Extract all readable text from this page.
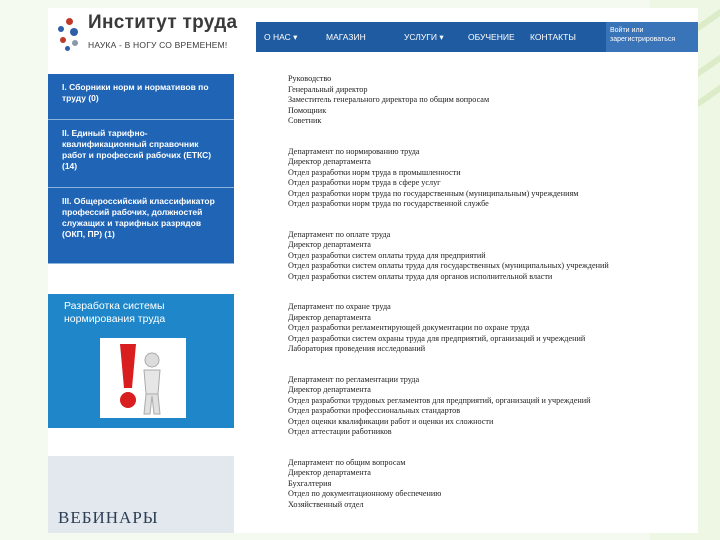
Институт труда
НАУКА - В НОГУ СО ВРЕМЕНЕМ!
О НАС ▾	МАГАЗИН	УСЛУГИ ▾	ОБУЧЕНИЕ КОНТАКТЫ
Войти или зарегистрироваться
I. Сборники норм и нормативов по труду (0)
II. Единый тарифно-квалификационный справочник работ и профессий рабочих (ЕТКС) (14)
III. Общероссийский классификатор профессий рабочих, должностей служащих и тарифных разрядов (ОКП, ПР) (1)
Разработка системы нормирования труда
ВЕБИНАРЫ
Руководство
Генеральный директор
Заместитель генерального директора по общим вопросам
Помощник
Советник
Департамент по нормированию труда
Директор департамента
Отдел разработки норм труда в промышленности
Отдел разработки норм труда в сфере услуг
Отдел разработки норм труда по государственным (муниципальным) учреждениям
Отдел разработки норм труда по государственной службе
Департамент по оплате труда
Директор департамента
Отдел разработки систем оплаты труда для предприятий
Отдел разработки систем оплаты труда для государственных (муниципальных) учреждений
Отдел разработки систем оплаты труда для органов исполнительной власти
Департамент по охране труда
Директор департамента
Отдел разработки регламентирующей документации по охране труда
Отдел разработки систем охраны труда для предприятий, организаций и учреждений
Лаборатория проведения исследований
Департамент по регламентации труда
Директор департамента
Отдел разработки трудовых регламентов для предприятий, организаций и учреждений
Отдел разработки профессиональных стандартов
Отдел оценки квалификации работ и оценки их сложности
Отдел аттестации работников
Департамент по общим вопросам
Директор департамента
Бухгалтерия
Отдел по документационному обеспечению
Хозяйственный отдел
